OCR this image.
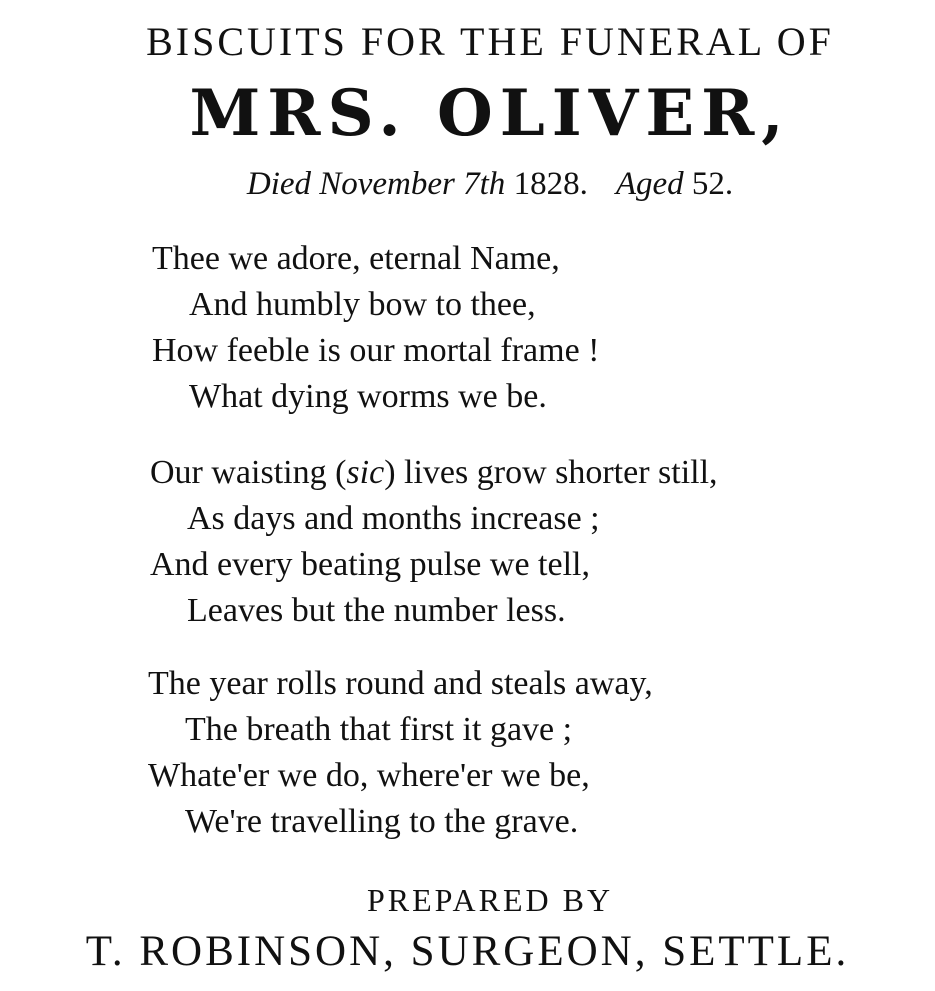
BISCUITS FOR THE FUNERAL OF
MRS. OLIVER,
Died November 7th 1828. Aged 52.
Thee we adore, eternal Name,
And humbly bow to thee,
How feeble is our mortal frame !
What dying worms we be.
Our waisting (sic) lives grow shorter still,
As days and months increase ;
And every beating pulse we tell,
Leaves but the number less.
The year rolls round and steals away,
The breath that first it gave ;
Whate'er we do, where'er we be,
We're travelling to the grave.
PREPARED BY
T. ROBINSON, SURGEON, SETTLE.
